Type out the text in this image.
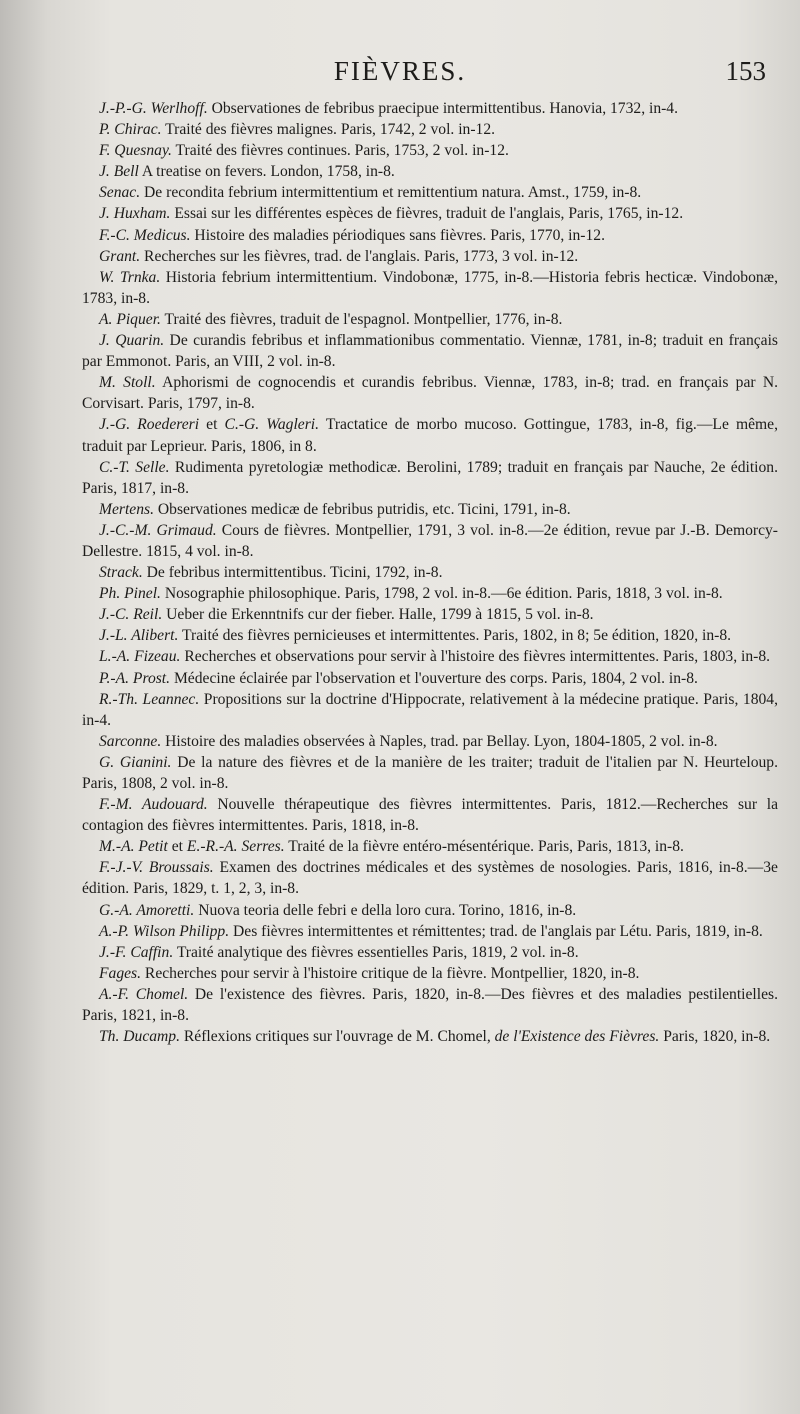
FIÈVRES.	153

J.-P.-G. Werlhoff. Observationes de febribus praecipue intermittentibus. Hanovia, 1732, in-4.

P. Chirac. Traité des fièvres malignes. Paris, 1742, 2 vol. in-12.

F. Quesnay. Traité des fièvres continues. Paris, 1753, 2 vol. in-12.

J. Bell A treatise on fevers. London, 1758, in-8.

Senac. De recondita febrium intermittentium et remittentium natura. Amst., 1759, in-8.

J. Huxham. Essai sur les différentes espèces de fièvres, traduit de l'anglais, Paris, 1765, in-12.

F.-C. Medicus. Histoire des maladies périodiques sans fièvres. Paris, 1770, in-12.

Grant. Recherches sur les fièvres, trad. de l'anglais. Paris, 1773, 3 vol. in-12.

W. Trnka. Historia febrium intermittentium. Vindobonæ, 1775, in-8.—Historia febris hecticæ. Vindobonæ, 1783, in-8.

A. Piquer. Traité des fièvres, traduit de l'espagnol. Montpellier, 1776, in-8.

J. Quarin. De curandis febribus et inflammationibus commentatio. Viennæ, 1781, in-8; traduit en français par Emmonot. Paris, an VIII, 2 vol. in-8.

M. Stoll. Aphorismi de cognocendis et curandis febribus. Viennæ, 1783, in-8; trad. en français par N. Corvisart. Paris, 1797, in-8.

J.-G. Roedereri et C.-G. Wagleri. Tractatice de morbo mucoso. Gottingue, 1783, in-8, fig.—Le même, traduit par Leprieur. Paris, 1806, in 8.

C.-T. Selle. Rudimenta pyretologiæ methodicæ. Berolini, 1789; traduit en français par Nauche, 2e édition. Paris, 1817, in-8.

Mertens. Observationes medicæ de febribus putridis, etc. Ticini, 1791, in-8.

J.-C.-M. Grimaud. Cours de fièvres. Montpellier, 1791, 3 vol. in-8.—2e édition, revue par J.-B. Demorcy-Dellestre. 1815, 4 vol. in-8.

Strack. De febribus intermittentibus. Ticini, 1792, in-8.

Ph. Pinel. Nosographie philosophique. Paris, 1798, 2 vol. in-8.—6e édition. Paris, 1818, 3 vol. in-8.

J.-C. Reil. Ueber die Erkenntnifs cur der fieber. Halle, 1799 à 1815, 5 vol. in-8.

J.-L. Alibert. Traité des fièvres pernicieuses et intermittentes. Paris, 1802, in 8; 5e édition, 1820, in-8.

L.-A. Fizeau. Recherches et observations pour servir à l'histoire des fièvres intermittentes. Paris, 1803, in-8.

P.-A. Prost. Médecine éclairée par l'observation et l'ouverture des corps. Paris, 1804, 2 vol. in-8.

R.-Th. Leannec. Propositions sur la doctrine d'Hippocrate, relativement à la médecine pratique. Paris, 1804, in-4.

Sarconne. Histoire des maladies observées à Naples, trad. par Bellay. Lyon, 1804-1805, 2 vol. in-8.

G. Gianini. De la nature des fièvres et de la manière de les traiter; traduit de l'italien par N. Heurteloup. Paris, 1808, 2 vol. in-8.

F.-M. Audouard. Nouvelle thérapeutique des fièvres intermittentes. Paris, 1812.—Recherches sur la contagion des fièvres intermittentes. Paris, 1818, in-8.

M.-A. Petit et E.-R.-A. Serres. Traité de la fièvre entéro-mésentérique. Paris, Paris, 1813, in-8.

F.-J.-V. Broussais. Examen des doctrines médicales et des systèmes de nosologies. Paris, 1816, in-8.—3e édition. Paris, 1829, t. 1, 2, 3, in-8.

G.-A. Amoretti. Nuova teoria delle febri e della loro cura. Torino, 1816, in-8.

A.-P. Wilson Philipp. Des fièvres intermittentes et rémittentes; trad. de l'anglais par Létu. Paris, 1819, in-8.

J.-F. Caffin. Traité analytique des fièvres essentielles Paris, 1819, 2 vol. in-8.

Fages. Recherches pour servir à l'histoire critique de la fièvre. Montpellier, 1820, in-8.

A.-F. Chomel. De l'existence des fièvres. Paris, 1820, in-8.—Des fièvres et des maladies pestilentielles. Paris, 1821, in-8.

Th. Ducamp. Réflexions critiques sur l'ouvrage de M. Chomel, de l'Existence des Fièvres. Paris, 1820, in-8.
